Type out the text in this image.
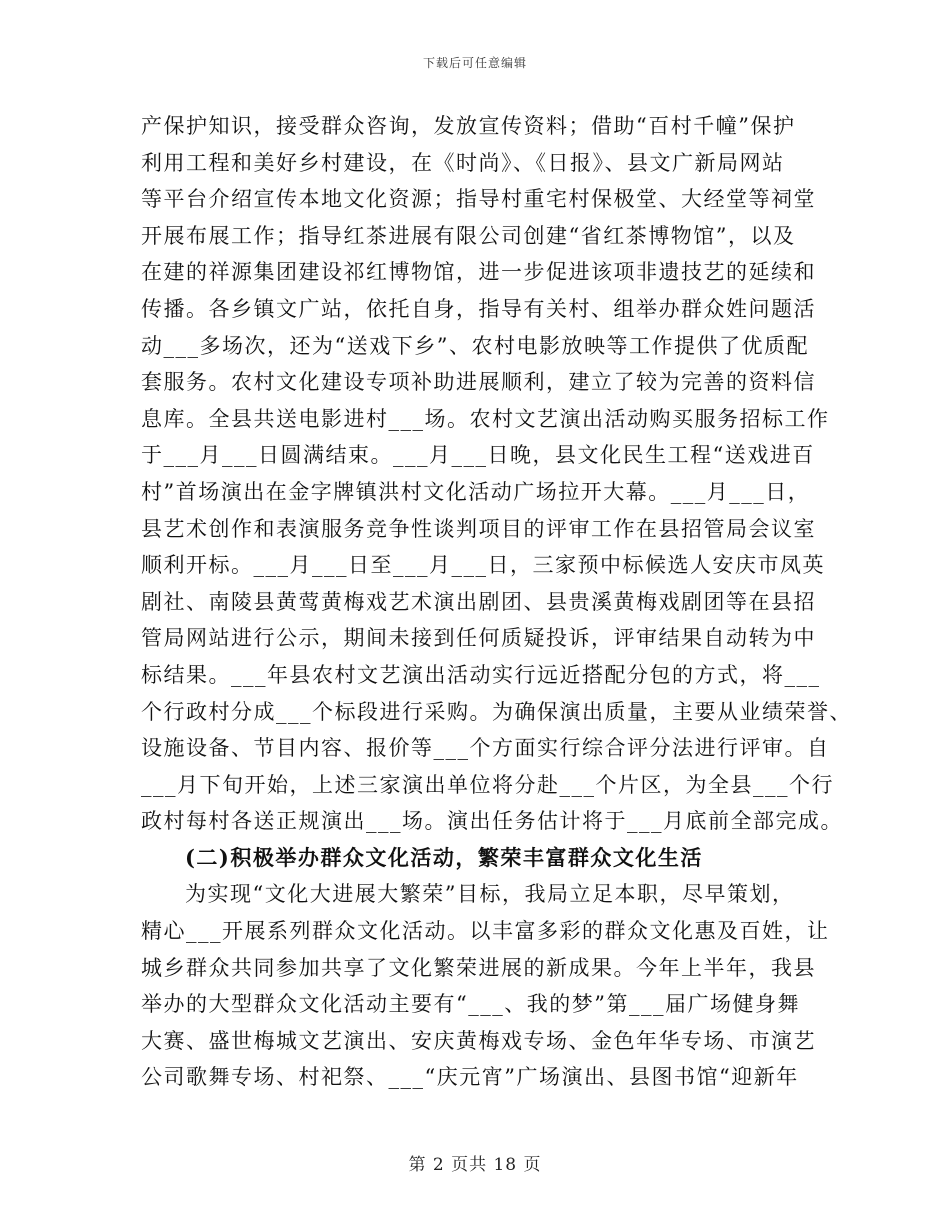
下载后可任意编辑
产保护知识，接受群众咨询，发放宣传资料；借助“百村千幢”保护
利用工程和美好乡村建设，在《时尚》、《日报》、县文广新局网站
等平台介绍宣传本地文化资源；指导村重宅村保极堂、大经堂等祠堂
开展布展工作；指导红茶进展有限公司创建“省红茶博物馆”，以及
在建的祥源集团建设祁红博物馆，进一步促进该项非遗技艺的延续和
传播。各乡镇文广站，依托自身，指导有关村、组举办群众姓问题活
动___多场次，还为“送戏下乡”、农村电影放映等工作提供了优质配
套服务。农村文化建设专项补助进展顺利，建立了较为完善的资料信
息库。全县共送电影进村___场。农村文艺演出活动购买服务招标工作
于___月___日圆满结束。___月___日晚，县文化民生工程“送戏进百
村”首场演出在金字牌镇洪村文化活动广场拉开大幕。___月___日，
县艺术创作和表演服务竞争性谈判项目的评审工作在县招管局会议室
顺利开标。___月___日至___月___日，三家预中标候选人安庆市凤英
剧社、南陵县黄莺黄梅戏艺术演出剧团、县贵溪黄梅戏剧团等在县招
管局网站进行公示，期间未接到任何质疑投诉，评审结果自动转为中
标结果。___年县农村文艺演出活动实行远近搭配分包的方式，将___
个行政村分成___个标段进行采购。为确保演出质量，主要从业绩荣誉、
设施设备、节目内容、报价等___个方面实行综合评分法进行评审。自
___月下旬开始，上述三家演出单位将分赴___个片区，为全县___个行
政村每村各送正规演出___场。演出任务估计将于___月底前全部完成。
(二)积极举办群众文化活动，繁荣丰富群众文化生活
为实现“文化大进展大繁荣”目标，我局立足本职，尽早策划，
精心___开展系列群众文化活动。以丰富多彩的群众文化惠及百姓，让
城乡群众共同参加共享了文化繁荣进展的新成果。今年上半年，我县
举办的大型群众文化活动主要有“___、我的梦”第___届广场健身舞
大赛、盛世梅城文艺演出、安庆黄梅戏专场、金色年华专场、市演艺
公司歌舞专场、村祀祭、___“庆元宵”广场演出、县图书馆“迎新年
第 2 页共 18 页
